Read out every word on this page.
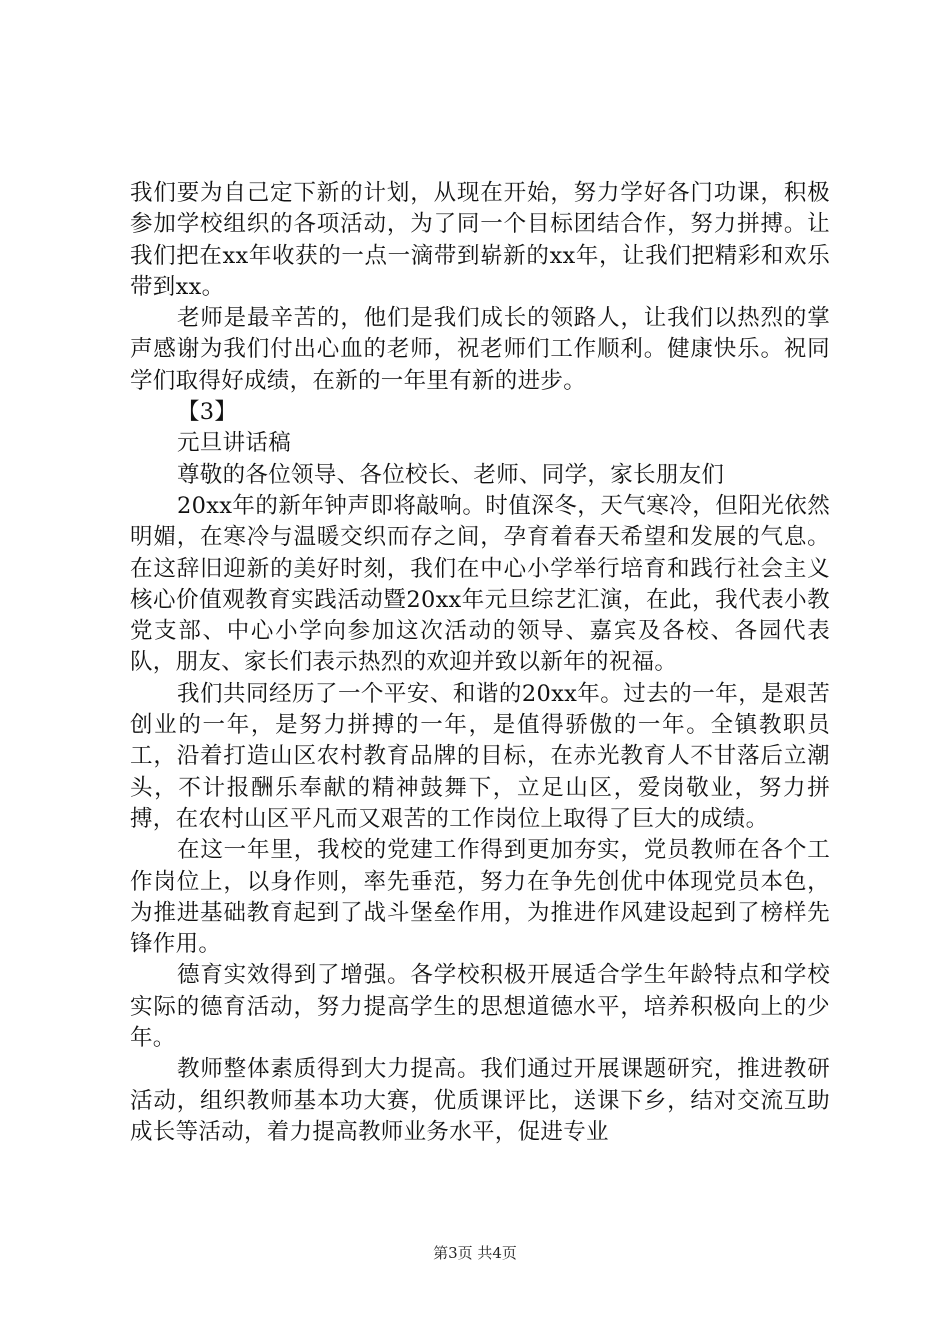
我们要为自己定下新的计划，从现在开始，努力学好各门功课，积极参加学校组织的各项活动，为了同一个目标团结合作，努力拼搏。让我们把在xx年收获的一点一滴带到崭新的xx年，让我们把精彩和欢乐带到xx。

老师是最辛苦的，他们是我们成长的领路人，让我们以热烈的掌声感谢为我们付出心血的老师，祝老师们工作顺利。健康快乐。祝同学们取得好成绩，在新的一年里有新的进步。

【3】

元旦讲话稿

尊敬的各位领导、各位校长、老师、同学，家长朋友们

20xx年的新年钟声即将敲响。时值深冬，天气寒冷，但阳光依然明媚，在寒冷与温暖交织而存之间，孕育着春天希望和发展的气息。在这辞旧迎新的美好时刻，我们在中心小学举行培育和践行社会主义核心价值观教育实践活动暨20xx年元旦综艺汇演，在此，我代表小教党支部、中心小学向参加这次活动的领导、嘉宾及各校、各园代表队，朋友、家长们表示热烈的欢迎并致以新年的祝福。

我们共同经历了一个平安、和谐的20xx年。过去的一年，是艰苦创业的一年，是努力拼搏的一年，是值得骄傲的一年。全镇教职员工，沿着打造山区农村教育品牌的目标，在赤光教育人不甘落后立潮头，不计报酬乐奉献的精神鼓舞下，立足山区，爱岗敬业，努力拼搏，在农村山区平凡而又艰苦的工作岗位上取得了巨大的成绩。

在这一年里，我校的党建工作得到更加夯实，党员教师在各个工作岗位上，以身作则，率先垂范，努力在争先创优中体现党员本色，为推进基础教育起到了战斗堡垒作用，为推进作风建设起到了榜样先锋作用。

德育实效得到了增强。各学校积极开展适合学生年龄特点和学校实际的德育活动，努力提高学生的思想道德水平，培养积极向上的少年。

教师整体素质得到大力提高。我们通过开展课题研究，推进教研活动，组织教师基本功大赛，优质课评比，送课下乡，结对交流互助成长等活动，着力提高教师业务水平，促进专业

第3页 共4页
